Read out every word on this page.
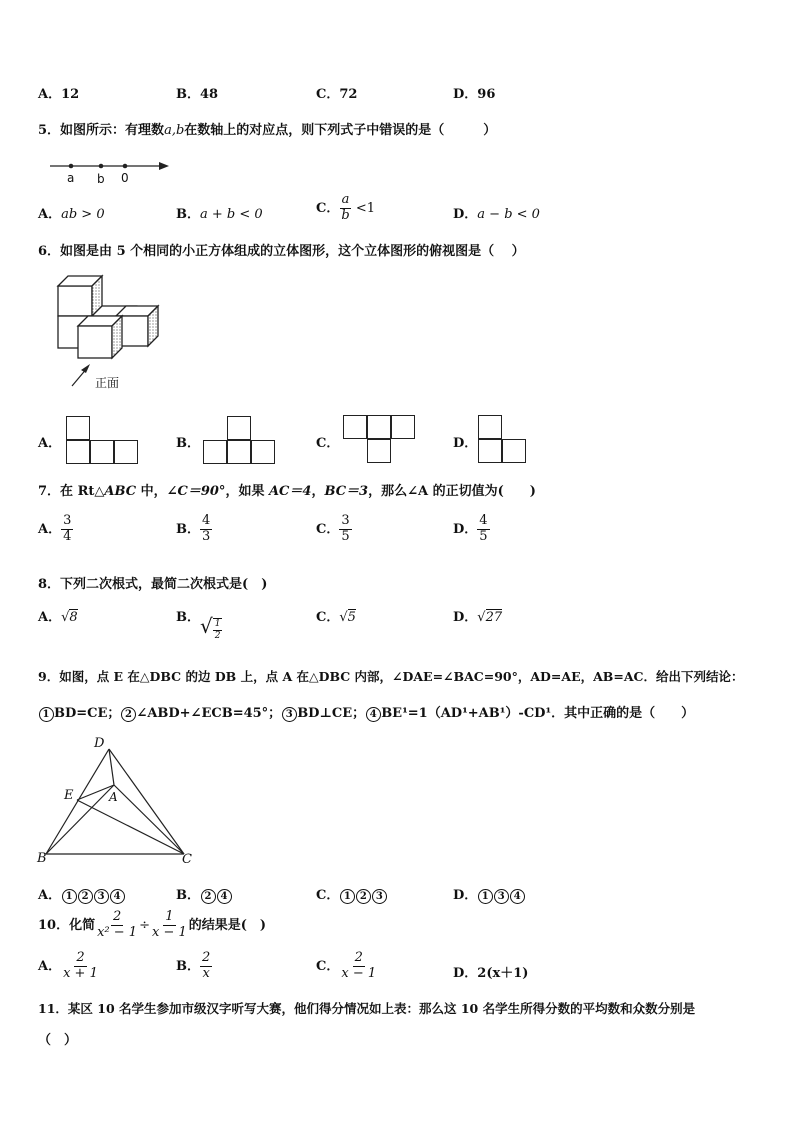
A．12	B．48	C．72	D．96
5．如图所示：有理数a,b在数轴上的对应点，则下列式子中错误的是（　　　）
a b 0
A．ab > 0	B．a + b < 0	C． $\frac{a}{b} <1$	D．a − b < 0
6．如图是由 5 个相同的小正方体组成的立体图形，这个立体图形的俯视图是（　 ）
正面
A．	B．	C．	D．
7．在 Rt△ABC 中，∠C＝90°，如果 AC＝4，BC＝3，那么∠A 的正切值为(　　)
A． $\frac{3}{4}$	B． $\frac{4}{3}$	C． $\frac{3}{5}$	D． $\frac{4}{5}$
8．下列二次根式，最简二次根式是(　)
A．√8	B． √ $\frac{1}{2}$
C．√5	D．√27
9．如图，点 E 在△DBC 的边 DB 上，点 A 在△DBC 内部，∠DAE=∠BAC=90°，AD=AE，AB=AC．给出下列结论：
1 BD=CE； 2 ∠ABD+∠ECB=45°； 3 BD⊥CE； 4 BE¹=1（AD¹+AB¹）-CD¹．其中正确的是（　　）
D
E	A
B	C
A． 1 2 3 4	B． 2 4	C． 1 2 3	D． 1 3 4
10．化简 $\frac{2}{\text{x² − 1}} \div \frac{1}{x - 1}$ 的结果是(　)
A． $\frac{2}{x + 1}$	B． $\frac{2}{x}$	C． $\frac{2}{x - 1}$	D．2(x＋1)
11．某区 10 名学生参加市级汉字听写大赛，他们得分情况如上表：那么这 10 名学生所得分数的平均数和众数分别是
（　）
